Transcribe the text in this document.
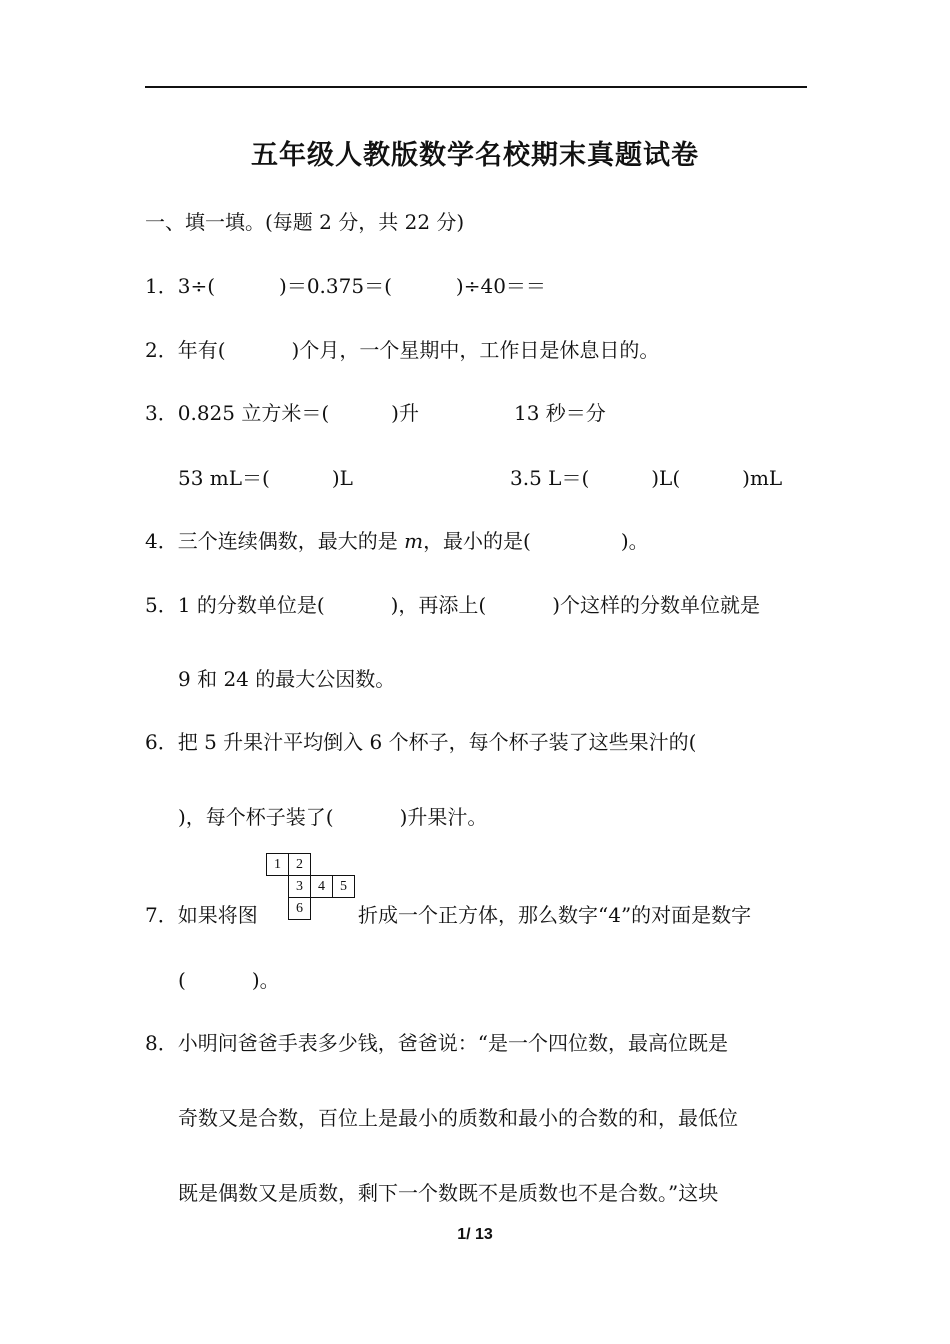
五年级人教版数学名校期末真题试卷
一、填一填。(每题 2 分，共 22 分)
1．3÷(	)＝0.375＝(	)÷40＝＝
2．年有(	)个月，一个星期中，工作日是休息日的。
3．0.825 立方米＝(	)升	13 秒＝分
53 mL＝(	)L	3.5 L＝(	)L(	)mL
4．三个连续偶数，最大的是 m，最小的是(	)。
5．1 的分数单位是(	)，再添上(	)个这样的分数单位就是
9 和 24 的最大公因数。
6．把 5 升果汁平均倒入 6 个杯子，每个杯子装了这些果汁的(
)，每个杯子装了(	)升果汁。
1	2
3	4	5
6
7．如果将图	折成一个正方体，那么数字“4”的对面是数字
(	)。
8．小明问爸爸手表多少钱，爸爸说：“是一个四位数，最高位既是
奇数又是合数，百位上是最小的质数和最小的合数的和，最低位
既是偶数又是质数，剩下一个数既不是质数也不是合数。”这块
1/ 13
